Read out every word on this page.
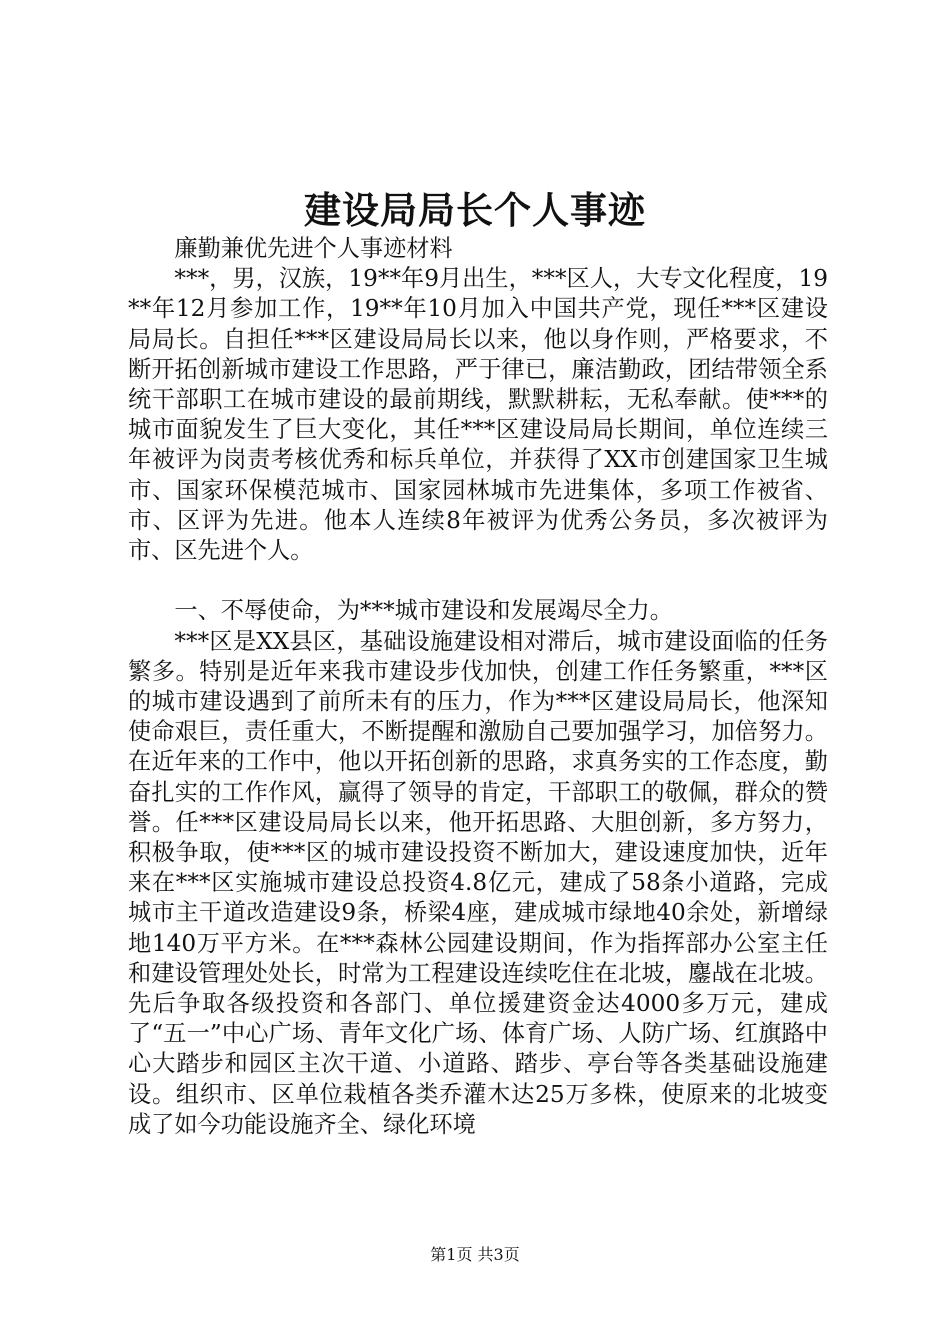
建设局局长个人事迹

廉勤兼优先进个人事迹材料

***，男，汉族，19**年9月出生，***区人，大专文化程度，19**年12月参加工作，19**年10月加入中国共产党，现任***区建设局局长。自担任***区建设局局长以来，他以身作则，严格要求，不断开拓创新城市建设工作思路，严于律已，廉洁勤政，团结带领全系统干部职工在城市建设的最前期线，默默耕耘，无私奉献。使***的城市面貌发生了巨大变化，其任***区建设局局长期间，单位连续三年被评为岗责考核优秀和标兵单位，并获得了XX市创建国家卫生城市、国家环保模范城市、国家园林城市先进集体，多项工作被省、市、区评为先进。他本人连续8年被评为优秀公务员，多次被评为市、区先进个人。

一、不辱使命，为***城市建设和发展竭尽全力。

***区是XX县区，基础设施建设相对滞后，城市建设面临的任务繁多。特别是近年来我市建设步伐加快，创建工作任务繁重，***区的城市建设遇到了前所未有的压力，作为***区建设局局长，他深知使命艰巨，责任重大，不断提醒和激励自己要加强学习，加倍努力。在近年来的工作中，他以开拓创新的思路，求真务实的工作态度，勤奋扎实的工作作风，赢得了领导的肯定，干部职工的敬佩，群众的赞誉。任***区建设局局长以来，他开拓思路、大胆创新，多方努力，积极争取，使***区的城市建设投资不断加大，建设速度加快，近年来在***区实施城市建设总投资4.8亿元，建成了58条小道路，完成城市主干道改造建设9条，桥梁4座，建成城市绿地40余处，新增绿地140万平方米。在***森林公园建设期间，作为指挥部办公室主任和建设管理处处长，时常为工程建设连续吃住在北坡，鏖战在北坡。先后争取各级投资和各部门、单位援建资金达4000多万元，建成了“五一”中心广场、青年文化广场、体育广场、人防广场、红旗路中心大踏步和园区主次干道、小道路、踏步、亭台等各类基础设施建设。组织市、区单位栽植各类乔灌木达25万多株，使原来的北坡变成了如今功能设施齐全、绿化环境

第1页 共3页
